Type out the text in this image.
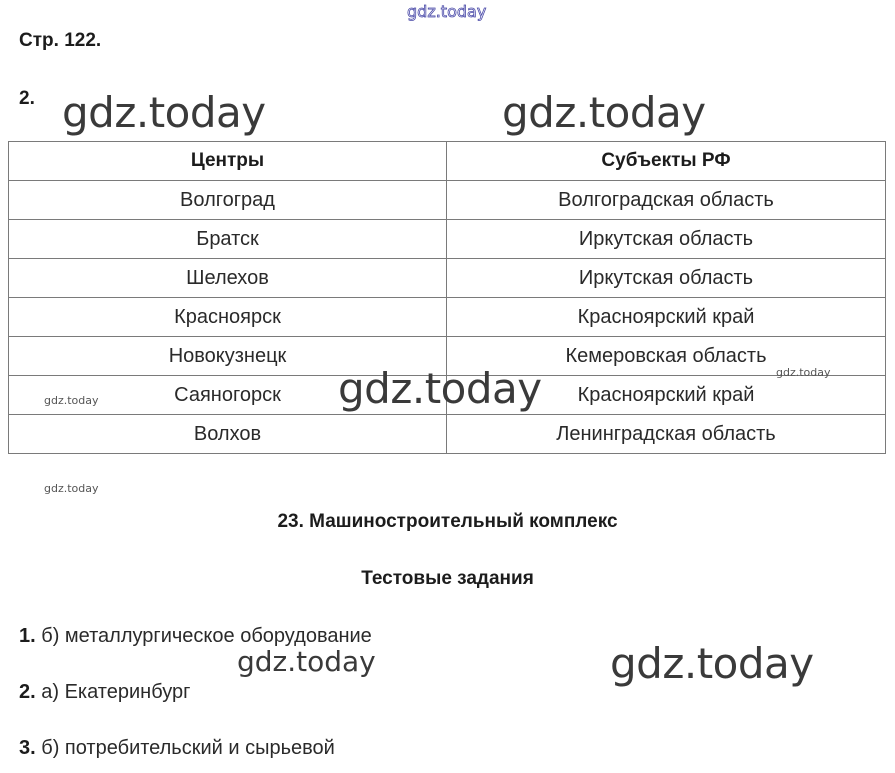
gdz.today
Стр. 122.
2. gdz.today	gdz.today
Центры	Субъекты РФ
Волгоград	Волгоградская область
Братск	Иркутская область
Шелехов	Иркутская область
Красноярск	Красноярский край
Новокузнецк	Кемеровская область
Саяногорск	Красноярский край
Волхов	Ленинградская область
gdz.today
gdz.today
gdz.today
gdz.today
23. Машиностроительный комплекс
Тестовые задания
1. б) металлургическое оборудование
2. а) Екатеринбург
3. б) потребительский и сырьевой
gdz.today	gdz.today
